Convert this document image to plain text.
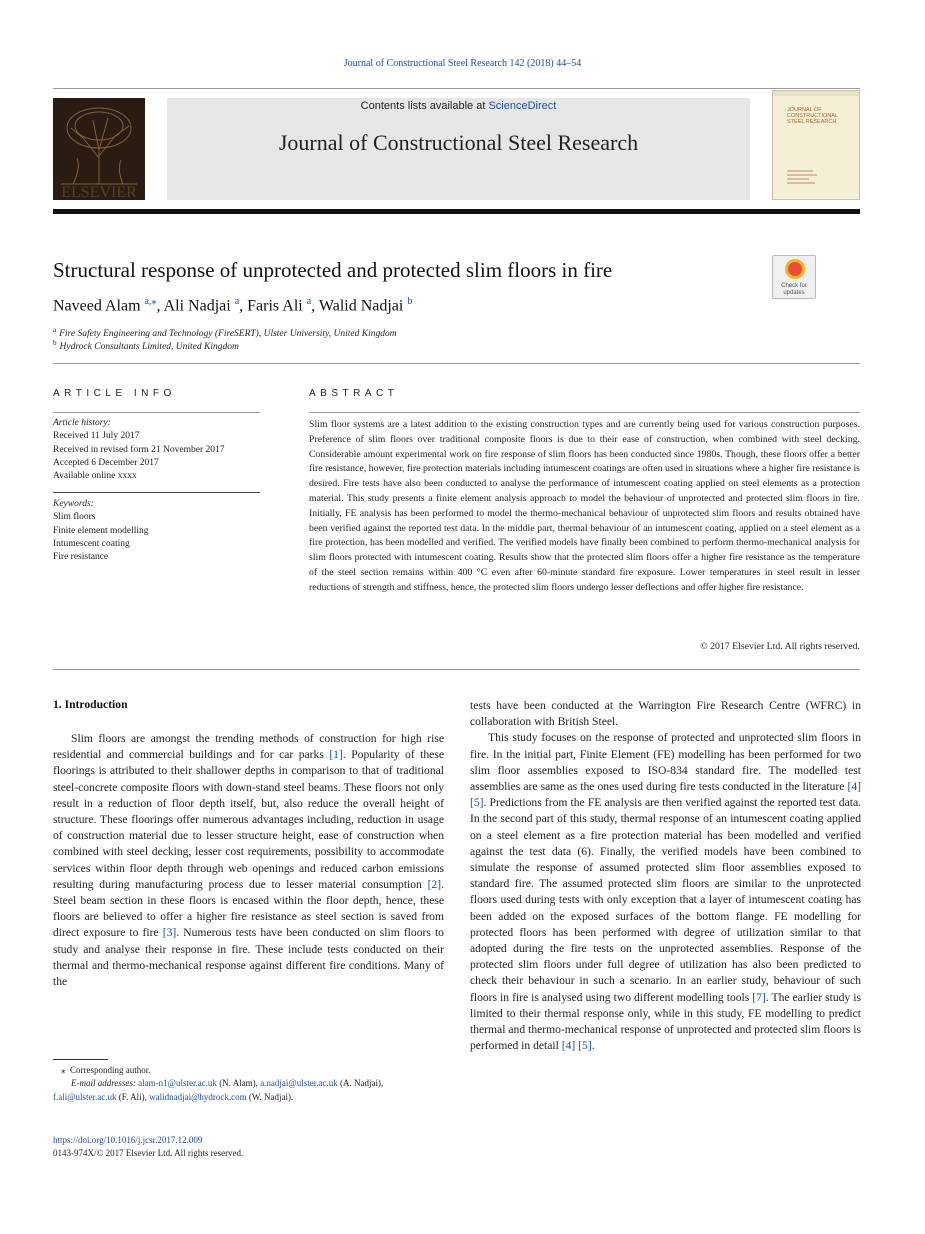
Journal of Constructional Steel Research 142 (2018) 44–54
ELSEVIER
Contents lists available at ScienceDirect
Journal of Constructional Steel Research
JOURNAL OF
CONSTRUCTIONAL
STEEL RESEARCH
Structural response of unprotected and protected slim floors in fire
Check for
updates
Naveed Alam $^{a,⁎}$, Ali Nadjai $^a$, Faris Ali $^a$, Walid Nadjai $^b$
$^a$ Fire Safety Engineering and Technology (FireSERT), Ulster University, United Kingdom
$^b$ Hydrock Consultants Limited, United Kingdom
ARTICLE INFO
Article history:
Received 11 July 2017
Received in revised form 21 November 2017
Accepted 6 December 2017
Available online xxxx
Keywords:
Slim floors
Finite element modelling
Intumescent coating
Fire resistance
ABSTRACT
Slim floor systems are a latest addition to the existing construction types and are currently being used for various construction purposes. Preference of slim floors over traditional composite floors is due to their ease of construction, when combined with steel decking. Considerable amount experimental work on fire response of slim floors has been conducted since 1980s. Though, these floors offer a better fire resistance, however, fire protection materials including intumescent coatings are often used in situations where a higher fire resistance is desired. Fire tests have also been conducted to analyse the performance of intumescent coating applied on steel elements as a protection material. This study presents a finite element analysis approach to model the behaviour of unprotected and protected slim floors in fire. Initially, FE analysis has been performed to model the thermo-mechanical behaviour of unprotected slim floors and results obtained have been verified against the reported test data. In the middle part, thermal behaviour of an intumescent coating, applied on a steel element as a fire protection, has been modelled and verified. The verified models have finally been combined to perform thermo-mechanical analysis for slim floors protected with intumescent coating. Results show that the protected slim floors offer a higher fire resistance as the temperature of the steel section remains within 400 °C even after 60-minute standard fire exposure. Lower temperatures in steel result in lesser reductions of strength and stiffness, hence, the protected slim floors undergo lesser deflections and offer higher fire resistance.
© 2017 Elsevier Ltd. All rights reserved.
1. Introduction

Slim floors are amongst the trending methods of construction for high rise residential and commercial buildings and for car parks [1]. Popularity of these floorings is attributed to their shallower depths in comparison to that of traditional steel-concrete composite floors with down-stand steel beams. These floors not only result in a reduction of floor depth itself, but, also reduce the overall height of structure. These floorings offer numerous advantages including, reduction in usage of construction material due to lesser structure height, ease of construction when combined with steel decking, lesser cost requirements, possibility to accommodate services within floor depth through web openings and reduced carbon emissions resulting during manufacturing process due to lesser material consumption [2]. Steel beam section in these floors is encased within the floor depth, hence, these floors are believed to offer a higher fire resistance as steel section is saved from direct exposure to fire [3]. Numerous tests have been conducted on slim floors to study and analyse their response in fire. These include tests conducted on their thermal and thermo-mechanical response against different fire conditions. Many of the

tests have been conducted at the Warrington Fire Research Centre (WFRC) in collaboration with British Steel.

This study focuses on the response of protected and unprotected slim floors in fire. In the initial part, Finite Element (FE) modelling has been performed for two slim floor assemblies exposed to ISO-834 standard fire. The modelled test assemblies are same as the ones used during fire tests conducted in the literature [4] [5]. Predictions from the FE analysis are then verified against the reported test data. In the second part of this study, thermal response of an intumescent coating applied on a steel element as a fire protection material has been modelled and verified against the test data (6). Finally, the verified models have been combined to simulate the response of assumed protected slim floor assemblies exposed to standard fire. The assumed protected slim floors are similar to the unprotected floors used during tests with only exception that a layer of intumescent coating has been added on the exposed surfaces of the bottom flange. FE modelling for protected floors has been performed with degree of utilization similar to that adopted during the fire tests on the unprotected assemblies. Response of the protected slim floors under full degree of utilization has also been predicted to check their behaviour in such a scenario. In an earlier study, behaviour of such floors in fire is analysed using two different modelling tools [7]. The earlier study is limited to their thermal response only, while in this study, FE modelling to predict thermal and thermo-mechanical response of unprotected and protected slim floors is performed in detail [4] [5].

⁎ Corresponding author.
E-mail addresses: alam-n1@ulster.ac.uk (N. Alam), a.nadjai@ulster.ac.uk (A. Nadjai),
f.ali@ulster.ac.uk (F. Ali), walidnadjai@hydrock.com (W. Nadjai).
https://doi.org/10.1016/j.jcsr.2017.12.009
0143-974X/© 2017 Elsevier Ltd. All rights reserved.
